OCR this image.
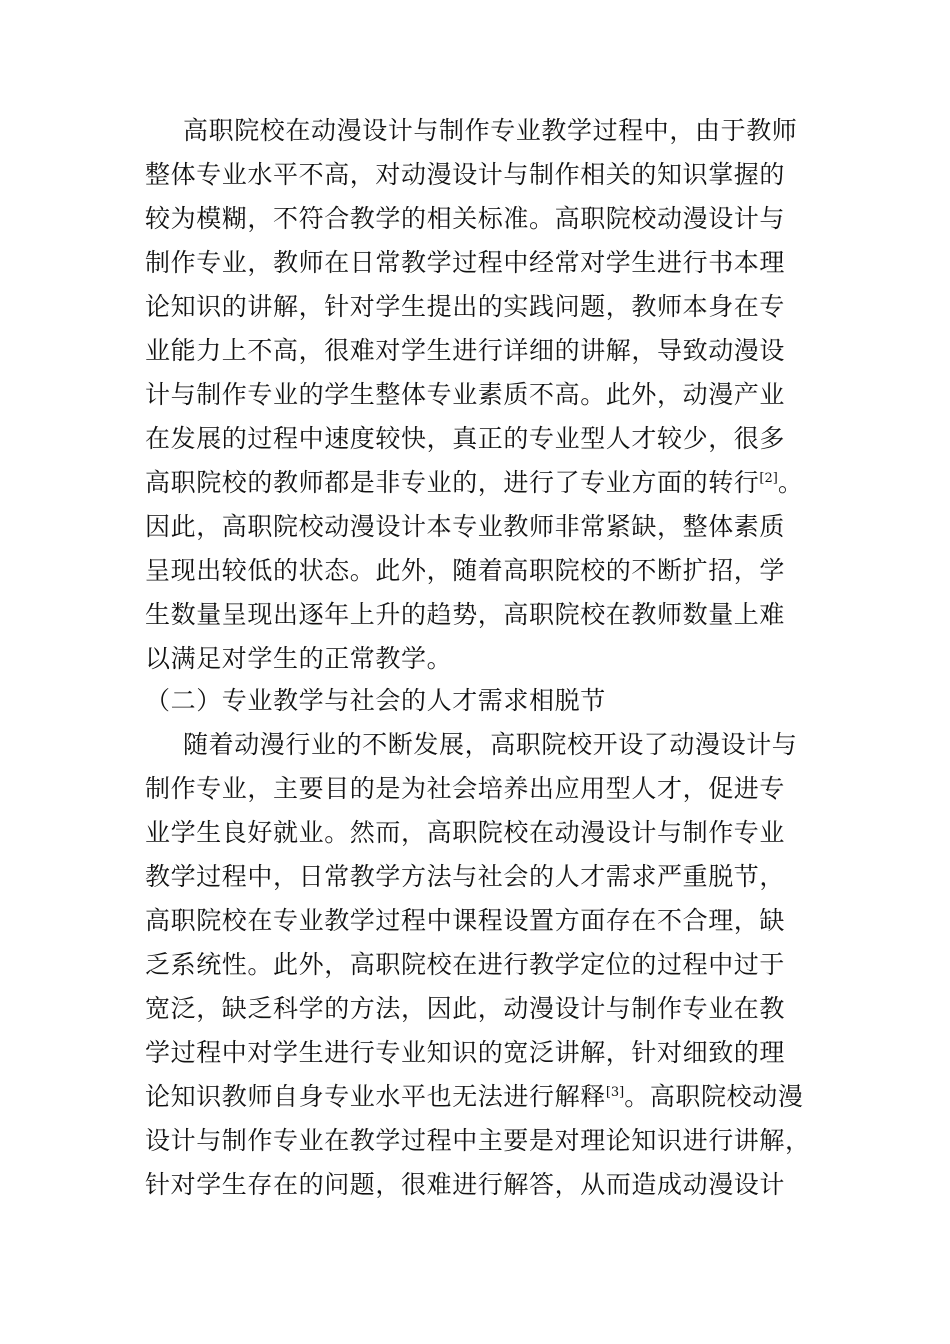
高职院校在动漫设计与制作专业教学过程中，由于教师
整体专业水平不高，对动漫设计与制作相关的知识掌握的
较为模糊，不符合教学的相关标准。高职院校动漫设计与
制作专业，教师在日常教学过程中经常对学生进行书本理
论知识的讲解，针对学生提出的实践问题，教师本身在专
业能力上不高，很难对学生进行详细的讲解，导致动漫设
计与制作专业的学生整体专业素质不高。此外，动漫产业
在发展的过程中速度较快，真正的专业型人才较少，很多
高职院校的教师都是非专业的，进行了专业方面的转行[2]。
因此，高职院校动漫设计本专业教师非常紧缺，整体素质
呈现出较低的状态。此外，随着高职院校的不断扩招，学
生数量呈现出逐年上升的趋势，高职院校在教师数量上难
以满足对学生的正常教学。
（二）专业教学与社会的人才需求相脱节
随着动漫行业的不断发展，高职院校开设了动漫设计与
制作专业，主要目的是为社会培养出应用型人才，促进专
业学生良好就业。然而，高职院校在动漫设计与制作专业
教学过程中，日常教学方法与社会的人才需求严重脱节，
高职院校在专业教学过程中课程设置方面存在不合理，缺
乏系统性。此外，高职院校在进行教学定位的过程中过于
宽泛，缺乏科学的方法，因此，动漫设计与制作专业在教
学过程中对学生进行专业知识的宽泛讲解，针对细致的理
论知识教师自身专业水平也无法进行解释[3]。高职院校动漫
设计与制作专业在教学过程中主要是对理论知识进行讲解，
针对学生存在的问题，很难进行解答，从而造成动漫设计
